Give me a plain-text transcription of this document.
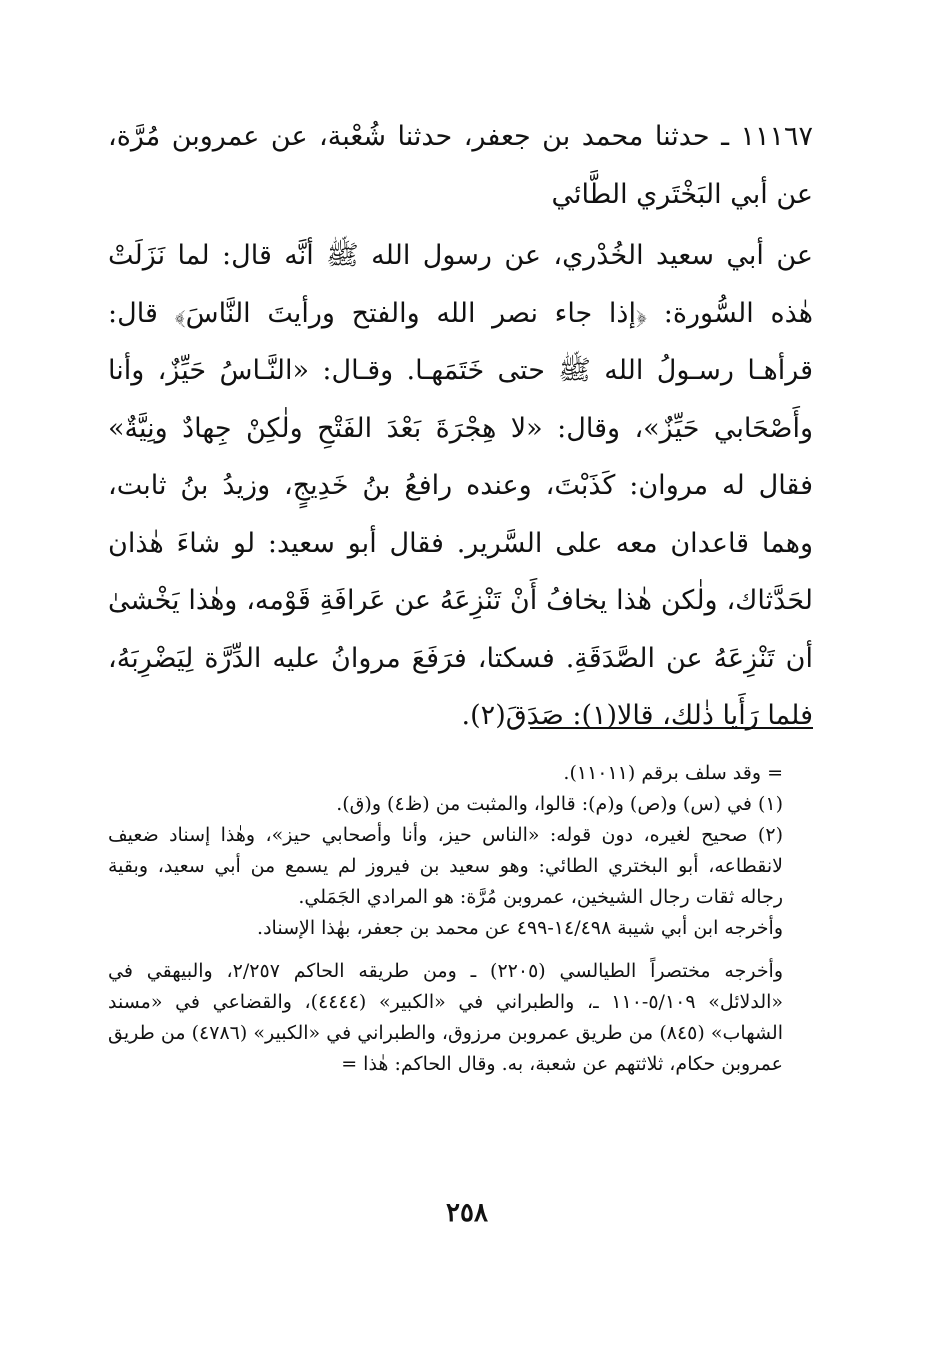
١١١٦٧ ـ حدثنا محمد بن جعفر، حدثنا شُعْبة، عن عمروبن مُرَّة، عن أبي البَخْتَري الطَّائي

عن أبي سعيد الخُدْري، عن رسول الله ﷺ أنَّه قال: لما نَزَلَتْ هٰذه السُّورة: ﴿إذا جاء نصر الله والفتح ورأيتَ النَّاسَ﴾ قال: قرأهـا رسـولُ الله ﷺ حتى خَتَمَهـا. وقـال: «النَّـاسُ حَيِّزٌ، وأنا وأَصْحَابي حَيِّزٌ»، وقال: «لا هِجْرَةَ بَعْدَ الفَتْحِ ولٰكِنْ جِهادٌ ونِيَّةٌ» فقال له مروان: كَذَبْتَ، وعنده رافعُ بنُ خَدِيجٍ، وزيدُ بنُ ثابت، وهما قاعدان معه على السَّرير. فقال أبو سعيد: لو شاءَ هٰذان لحَدَّثاك، ولٰكن هٰذا يخافُ أَنْ تَنْزِعَهُ عن عَرافَةِ قَوْمه، وهٰذا يَخْشىٰ أن تَنْزِعَهُ عن الصَّدَقَةِ. فسكتا، فرَفَعَ مروانُ عليه الدِّرَّة لِيَضْرِبَهُ، فلما رَأَيا ذٰلك، قالا(١): صَدَقَ(٢).

= وقد سلف برقم (١١٠١١).

(١) في (س) و(ص) و(م): قالوا، والمثبت من (ظ٤) و(ق).

(٢) صحيح لغيره، دون قوله: «الناس حيز، وأنا وأصحابي حيز»، وهٰذا إسناد ضعيف لانقطاعه، أبو البختري الطائي: وهو سعيد بن فيروز لم يسمع من أبي سعيد، وبقية رجاله ثقات رجال الشيخين، عمروبن مُرَّة: هو المرادي الجَمَلي.

وأخرجه ابن أبي شيبة ١٤/٤٩٨-٤٩٩ عن محمد بن جعفر، بهٰذا الإسناد.

وأخرجه مختصراً الطيالسي (٢٢٠٥) ـ ومن طريقه الحاكم ٢/٢٥٧، والبيهقي في «الدلائل» ٥/١٠٩-١١٠ ـ، والطبراني في «الكبير» (٤٤٤٤)، والقضاعي في «مسند الشهاب» (٨٤٥) من طريق عمروبن مرزوق، والطبراني في «الكبير» (٤٧٨٦) من طريق عمروبن حكام، ثلاثتهم عن شعبة، به. وقال الحاكم: هٰذا =

٢٥٨
